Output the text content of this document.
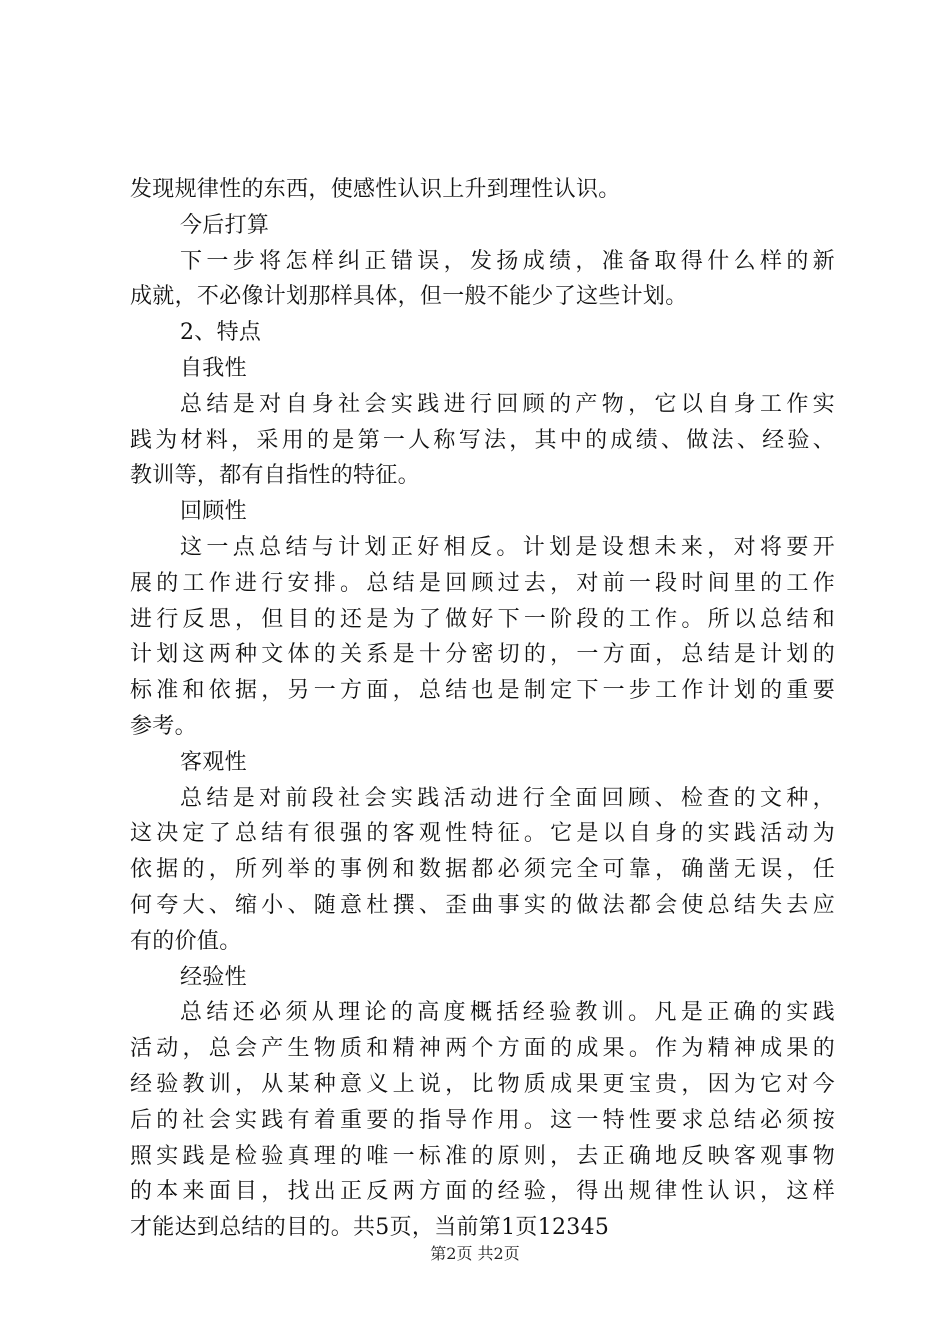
发现规律性的东西，使感性认识上升到理性认识。
今后打算
下一步将怎样纠正错误，发扬成绩，准备取得什么样的新
成就，不必像计划那样具体，但一般不能少了这些计划。
2、特点
自我性
总结是对自身社会实践进行回顾的产物，它以自身工作实
践为材料，采用的是第一人称写法，其中的成绩、做法、经验、
教训等，都有自指性的特征。
回顾性
这一点总结与计划正好相反。计划是设想未来，对将要开
展的工作进行安排。总结是回顾过去，对前一段时间里的工作
进行反思，但目的还是为了做好下一阶段的工作。所以总结和
计划这两种文体的关系是十分密切的，一方面，总结是计划的
标准和依据，另一方面，总结也是制定下一步工作计划的重要
参考。
客观性
总结是对前段社会实践活动进行全面回顾、检查的文种，
这决定了总结有很强的客观性特征。它是以自身的实践活动为
依据的，所列举的事例和数据都必须完全可靠，确凿无误，任
何夸大、缩小、随意杜撰、歪曲事实的做法都会使总结失去应
有的价值。
经验性
总结还必须从理论的高度概括经验教训。凡是正确的实践
活动，总会产生物质和精神两个方面的成果。作为精神成果的
经验教训，从某种意义上说，比物质成果更宝贵，因为它对今
后的社会实践有着重要的指导作用。这一特性要求总结必须按
照实践是检验真理的唯一标准的原则，去正确地反映客观事物
的本来面目，找出正反两方面的经验，得出规律性认识，这样
才能达到总结的目的。共5页，当前第1页12345
第2页 共2页
